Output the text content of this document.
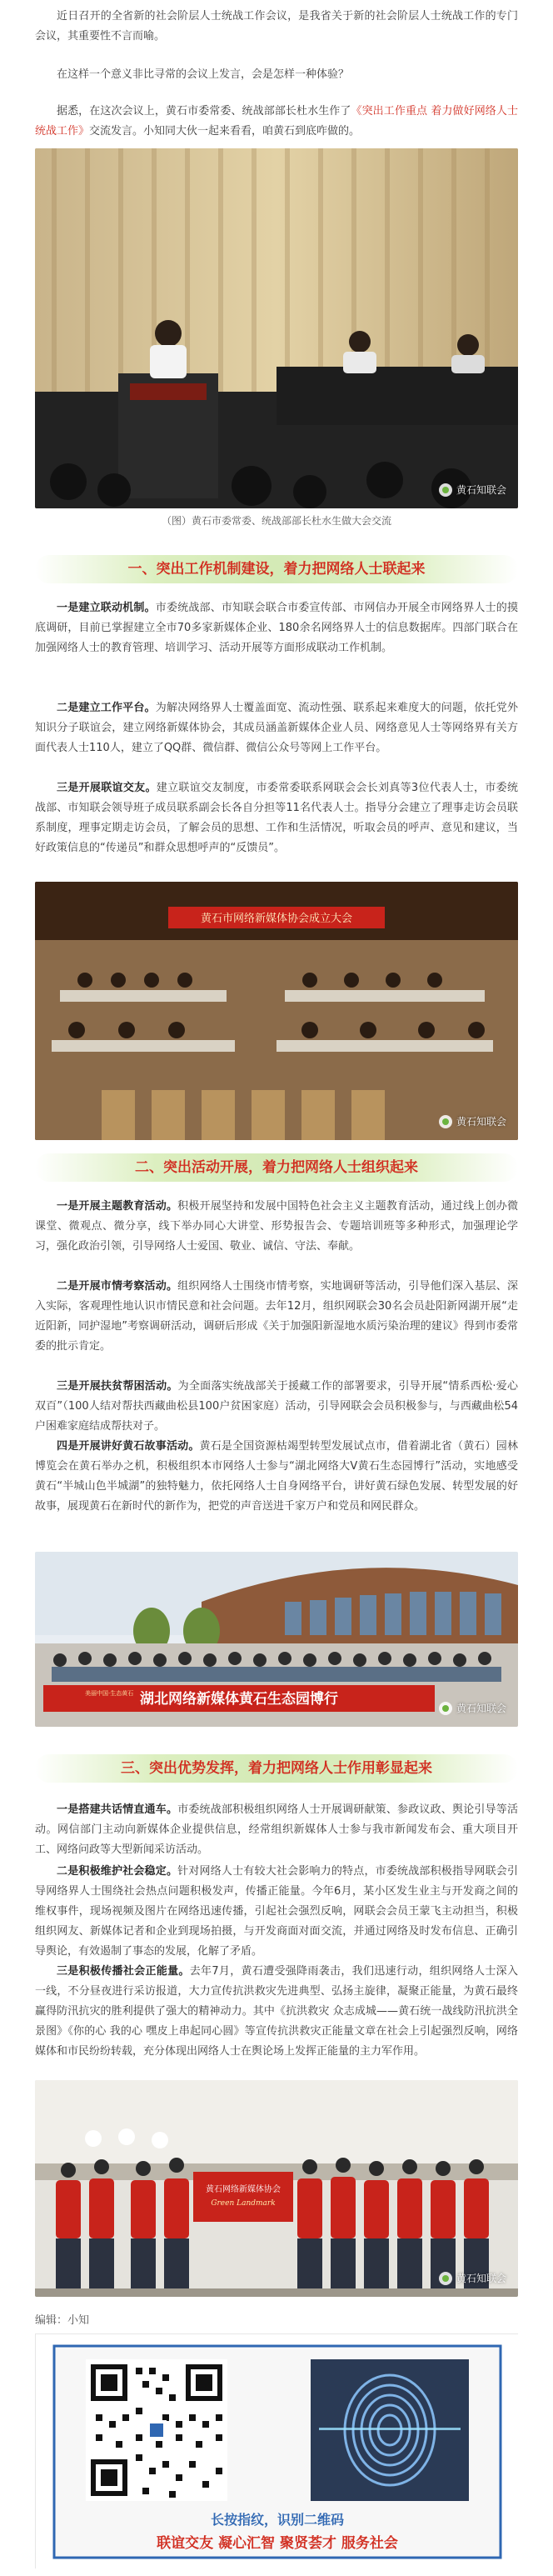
近日召开的全省新的社会阶层人士统战工作会议，是我省关于新的社会阶层人士统战工作的专门会议，其重要性不言而喻。

在这样一个意义非比寻常的会议上发言，会是怎样一种体验？

据悉，在这次会议上，黄石市委常委、统战部部长杜水生作了《突出工作重点 着力做好网络人士统战工作》交流发言。小知同大伙一起来看看，咱黄石到底咋做的。

黄石知联会
（图）黄石市委常委、统战部部长杜水生做大会交流
一、突出工作机制建设，着力把网络人士联起来

一是建立联动机制。市委统战部、市知联会联合市委宣传部、市网信办开展全市网络界人士的摸底调研，目前已掌握建立全市70多家新媒体企业、180余名网络界人士的信息数据库。四部门联合在加强网络人士的教育管理、培训学习、活动开展等方面形成联动工作机制。

二是建立工作平台。为解决网络界人士覆盖面宽、流动性强、联系起来难度大的问题，依托党外知识分子联谊会，建立网络新媒体协会，其成员涵盖新媒体企业人员、网络意见人士等网络界有关方面代表人士110人，建立了QQ群、微信群、微信公众号等网上工作平台。

三是开展联谊交友。建立联谊交友制度，市委常委联系网联会会长刘真等3位代表人士，市委统战部、市知联会领导班子成员联系副会长各自分担等11名代表人士。指导分会建立了理事走访会员联系制度，理事定期走访会员，了解会员的思想、工作和生活情况，听取会员的呼声、意见和建议，当好政策信息的“传递员”和群众思想呼声的“反馈员”。

黄石市网络新媒体协会成立大会
黄石知联会
二、突出活动开展，着力把网络人士组织起来

一是开展主题教育活动。积极开展坚持和发展中国特色社会主义主题教育活动，通过线上创办微课堂、微观点、微分享，线下举办同心大讲堂、形势报告会、专题培训班等多种形式，加强理论学习，强化政治引领，引导网络人士爱国、敬业、诚信、守法、奉献。

二是开展市情考察活动。组织网络人士围绕市情考察，实地调研等活动，引导他们深入基层、深入实际，客观理性地认识市情民意和社会问题。去年12月，组织网联会30名会员赴阳新网湖开展“走近阳新，同护湿地”考察调研活动，调研后形成《关于加强阳新湿地水质污染治理的建议》得到市委常委的批示肯定。

三是开展扶贫帮困活动。为全面落实统战部关于援藏工作的部署要求，引导开展“情系西松·爱心双百”（100人结对帮扶西藏曲松县100户贫困家庭）活动，引导网联会会员积极参与，与西藏曲松54户困难家庭结成帮扶对子。

四是开展讲好黄石故事活动。黄石是全国资源枯竭型转型发展试点市，借着湖北省（黄石）园林博览会在黄石举办之机，积极组织本市网络人士参与“湖北网络大V黄石生态园博行”活动，实地感受黄石“半城山色半城湖”的独特魅力，依托网络人士自身网络平台，讲好黄石绿色发展、转型发展的好故事，展现黄石在新时代的新作为，把党的声音送进千家万户和党员和网民群众。

湖北网络新媒体黄石生态园博行
美丽中国·生态黄石
黄石知联会
三、突出优势发挥，着力把网络人士作用彰显起来

一是搭建共话情直通车。市委统战部积极组织网络人士开展调研献策、参政议政、舆论引导等活动。网信部门主动向新媒体企业提供信息，经常组织新媒体人士参与我市新闻发布会、重大项目开工、网络问政等大型新闻采访活动。

二是积极维护社会稳定。针对网络人士有较大社会影响力的特点，市委统战部积极指导网联会引导网络界人士围绕社会热点问题积极发声，传播正能量。今年6月，某小区发生业主与开发商之间的维权事件，现场视频及图片在网络迅速传播，引起社会强烈反响，网联会会员王蒙飞主动担当，积极组织网友、新媒体记者和企业到现场拍摄，与开发商面对面交流，并通过网络及时发布信息、正确引导舆论，有效遏制了事态的发展，化解了矛盾。

三是积极传播社会正能量。去年7月，黄石遭受强降雨袭击，我们迅速行动，组织网络人士深入一线，不分昼夜进行采访报道，大力宣传抗洪救灾先进典型、弘扬主旋律，凝聚正能量，为黄石最终赢得防汛抗灾的胜利提供了强大的精神动力。其中《抗洪救灾 众志成城——黄石统一战线防汛抗洪全景图》《你的心 我的心 嘿皮上串起同心圆》等宣传抗洪救灾正能量文章在社会上引起强烈反响，网络媒体和市民纷纷转载，充分体现出网络人士在舆论场上发挥正能量的主力军作用。

黄石网络新媒体协会
Green Landmark
黄石知联会
编辑：小知
长按指纹，识别二维码
联谊交友 凝心汇智 聚贤荟才 服务社会
